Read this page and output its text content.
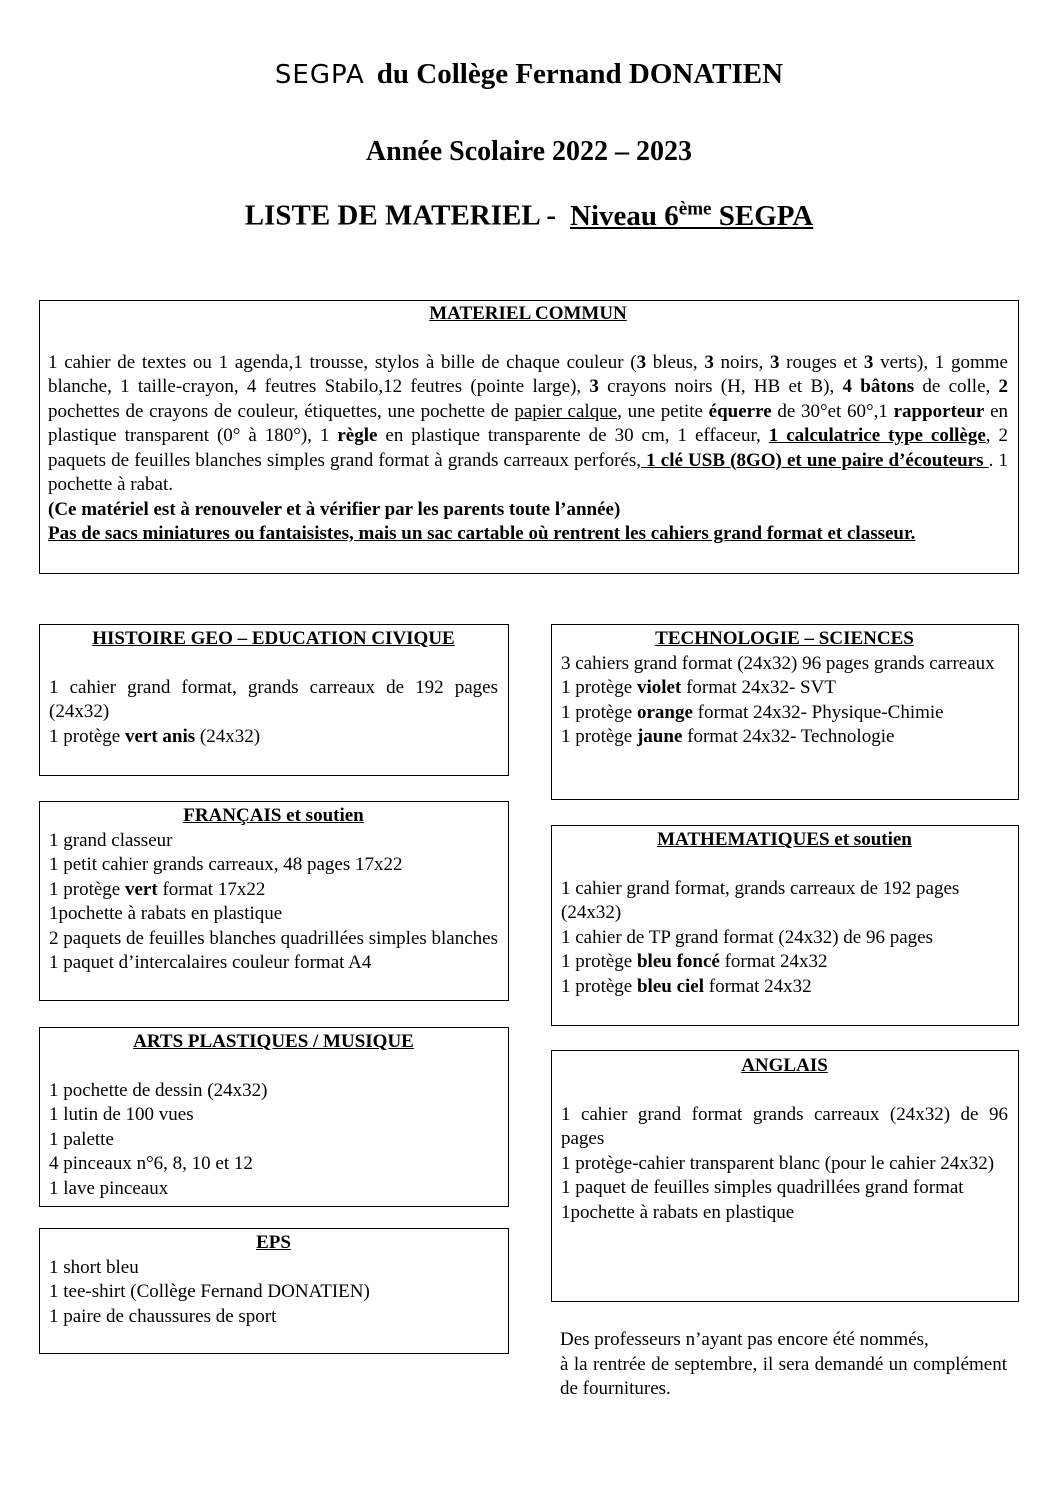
SEGPA du Collège Fernand DONATIEN
Année Scolaire 2022 – 2023
LISTE DE MATERIEL - Niveau 6ème SEGPA
MATERIEL COMMUN

1 cahier de textes ou 1 agenda,1 trousse, stylos à bille de chaque couleur (3 bleus, 3 noirs, 3 rouges et 3 verts), 1 gomme blanche, 1 taille-crayon, 4 feutres Stabilo,12 feutres (pointe large), 3 crayons noirs (H, HB et B), 4 bâtons de colle, 2 pochettes de crayons de couleur, étiquettes, une pochette de papier calque, une petite équerre de 30°et 60°,1 rapporteur en plastique transparent (0° à 180°), 1 règle en plastique transparente de 30 cm, 1 effaceur, 1 calculatrice type collège, 2 paquets de feuilles blanches simples grand format à grands carreaux perforés, 1 clé USB (8GO) et une paire d’écouteurs . 1 pochette à rabat.

(Ce matériel est à renouveler et à vérifier par les parents toute l’année)

Pas de sacs miniatures ou fantaisistes, mais un sac cartable où rentrent les cahiers grand format et classeur.

HISTOIRE GEO – EDUCATION CIVIQUE

1 cahier grand format, grands carreaux de 192 pages (24x32)

1 protège vert anis (24x32)

FRANÇAIS et soutien

1 grand classeur

1 petit cahier grands carreaux, 48 pages 17x22

1 protège vert format 17x22

1pochette à rabats en plastique

2 paquets de feuilles blanches quadrillées simples blanches

1 paquet d’intercalaires couleur format A4

ARTS PLASTIQUES / MUSIQUE

1 pochette de dessin (24x32)

1 lutin de 100 vues

1 palette

4 pinceaux n°6, 8, 10 et 12

1 lave pinceaux

EPS

1 short bleu

1 tee-shirt (Collège Fernand DONATIEN)

1 paire de chaussures de sport

TECHNOLOGIE – SCIENCES

3 cahiers grand format (24x32) 96 pages grands carreaux

1 protège violet format 24x32- SVT

1 protège orange format 24x32- Physique-Chimie

1 protège jaune format 24x32- Technologie

MATHEMATIQUES et soutien

1 cahier grand format, grands carreaux de 192 pages (24x32)

1 cahier de TP grand format (24x32) de 96 pages

1 protège bleu foncé format 24x32

1 protège bleu ciel format 24x32

ANGLAIS

1 cahier grand format grands carreaux (24x32) de 96 pages

1 protège-cahier transparent blanc (pour le cahier 24x32)

1 paquet de feuilles simples quadrillées grand format

1pochette à rabats en plastique

Des professeurs n’ayant pas encore été nommés,

à la rentrée de septembre, il sera demandé un complément de fournitures.
